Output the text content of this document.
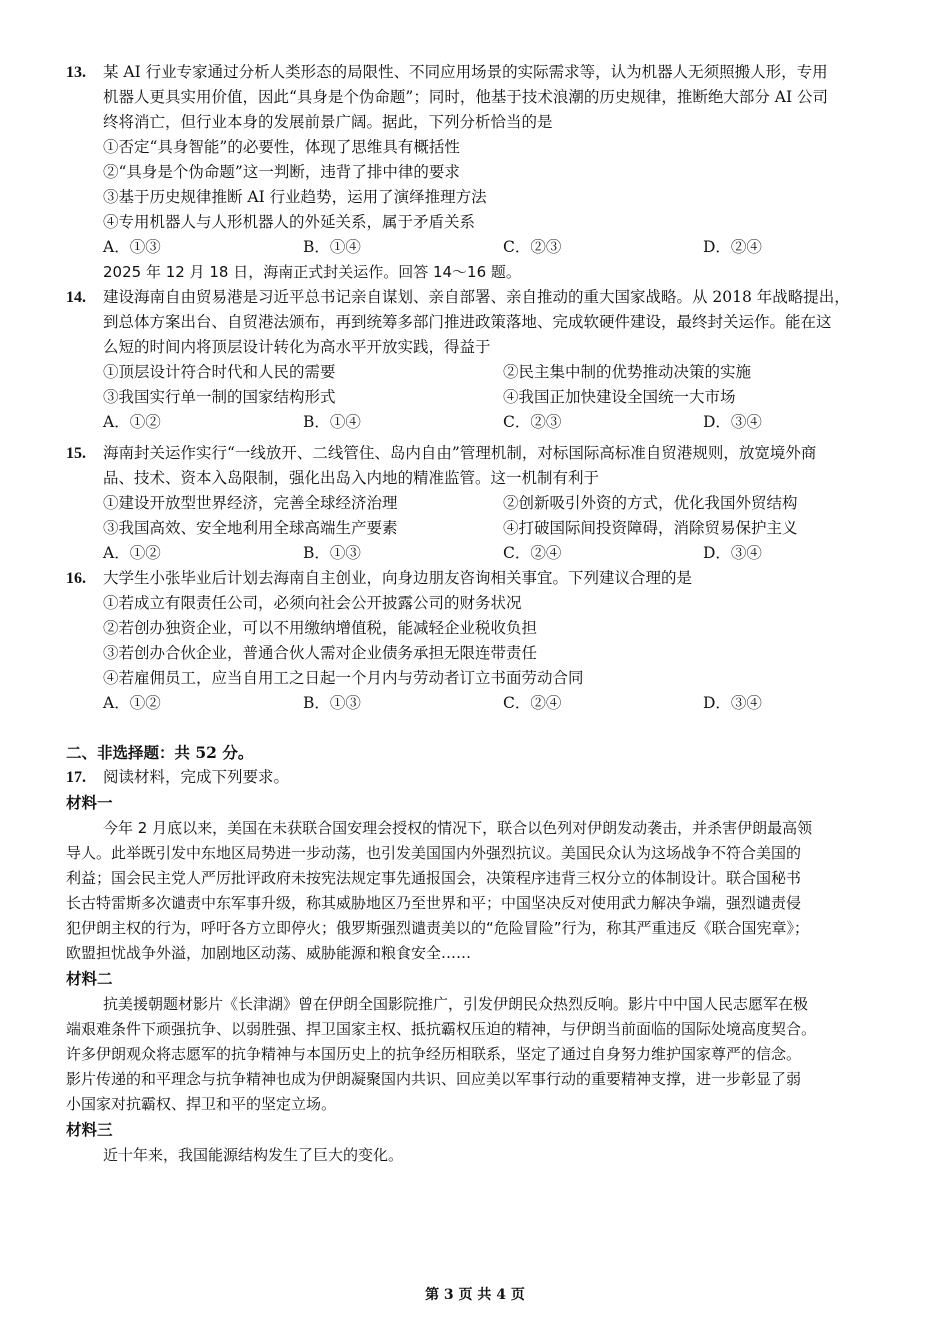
13. 某 AI 行业专家通过分析人类形态的局限性、不同应用场景的实际需求等，认为机器人无须照搬人形，专用
机器人更具实用价值，因此“具身是个伪命题”；同时，他基于技术浪潮的历史规律，推断绝大部分 AI 公司
终将消亡，但行业本身的发展前景广阔。据此，下列分析恰当的是
①否定“具身智能”的必要性，体现了思维具有概括性
②“具身是个伪命题”这一判断，违背了排中律的要求
③基于历史规律推断 AI 行业趋势，运用了演绎推理方法
④专用机器人与人形机器人的外延关系，属于矛盾关系
A．①③	B．①④	C．②③	D．②④
2025 年 12 月 18 日，海南正式封关运作。回答 14～16 题。
14. 建设海南自由贸易港是习近平总书记亲自谋划、亲自部署、亲自推动的重大国家战略。从 2018 年战略提出，
到总体方案出台、自贸港法颁布，再到统筹多部门推进政策落地、完成软硬件建设，最终封关运作。能在这
么短的时间内将顶层设计转化为高水平开放实践，得益于
①顶层设计符合时代和人民的需要	②民主集中制的优势推动决策的实施
③我国实行单一制的国家结构形式	④我国正加快建设全国统一大市场
A．①②	B．①④	C．②③	D．③④
15. 海南封关运作实行“一线放开、二线管住、岛内自由”管理机制，对标国际高标准自贸港规则，放宽境外商
品、技术、资本入岛限制，强化出岛入内地的精准监管。这一机制有利于
①建设开放型世界经济，完善全球经济治理	②创新吸引外资的方式，优化我国外贸结构
③我国高效、安全地利用全球高端生产要素	④打破国际间投资障碍，消除贸易保护主义
A．①②	B．①③	C．②④	D．③④
16. 大学生小张毕业后计划去海南自主创业，向身边朋友咨询相关事宜。下列建议合理的是
①若成立有限责任公司，必须向社会公开披露公司的财务状况
②若创办独资企业，可以不用缴纳增值税，能减轻企业税收负担
③若创办合伙企业，普通合伙人需对企业债务承担无限连带责任
④若雇佣员工，应当自用工之日起一个月内与劳动者订立书面劳动合同
A．①②	B．①③	C．②④	D．③④
二、非选择题：共 52 分。
17. 阅读材料，完成下列要求。
材料一
今年 2 月底以来，美国在未获联合国安理会授权的情况下，联合以色列对伊朗发动袭击，并杀害伊朗最高领
导人。此举既引发中东地区局势进一步动荡，也引发美国国内外强烈抗议。美国民众认为这场战争不符合美国的
利益；国会民主党人严厉批评政府未按宪法规定事先通报国会，决策程序违背三权分立的体制设计。联合国秘书
长古特雷斯多次谴责中东军事升级，称其威胁地区乃至世界和平；中国坚决反对使用武力解决争端，强烈谴责侵
犯伊朗主权的行为，呼吁各方立即停火；俄罗斯强烈谴责美以的“危险冒险”行为，称其严重违反《联合国宪章》；
欧盟担忧战争外溢，加剧地区动荡、威胁能源和粮食安全……
材料二
抗美援朝题材影片《长津湖》曾在伊朗全国影院推广，引发伊朗民众热烈反响。影片中中国人民志愿军在极
端艰难条件下顽强抗争、以弱胜强、捍卫国家主权、抵抗霸权压迫的精神，与伊朗当前面临的国际处境高度契合。
许多伊朗观众将志愿军的抗争精神与本国历史上的抗争经历相联系，坚定了通过自身努力维护国家尊严的信念。
影片传递的和平理念与抗争精神也成为伊朗凝聚国内共识、回应美以军事行动的重要精神支撑，进一步彰显了弱
小国家对抗霸权、捍卫和平的坚定立场。
材料三
近十年来，我国能源结构发生了巨大的变化。
第 3 页 共 4 页
